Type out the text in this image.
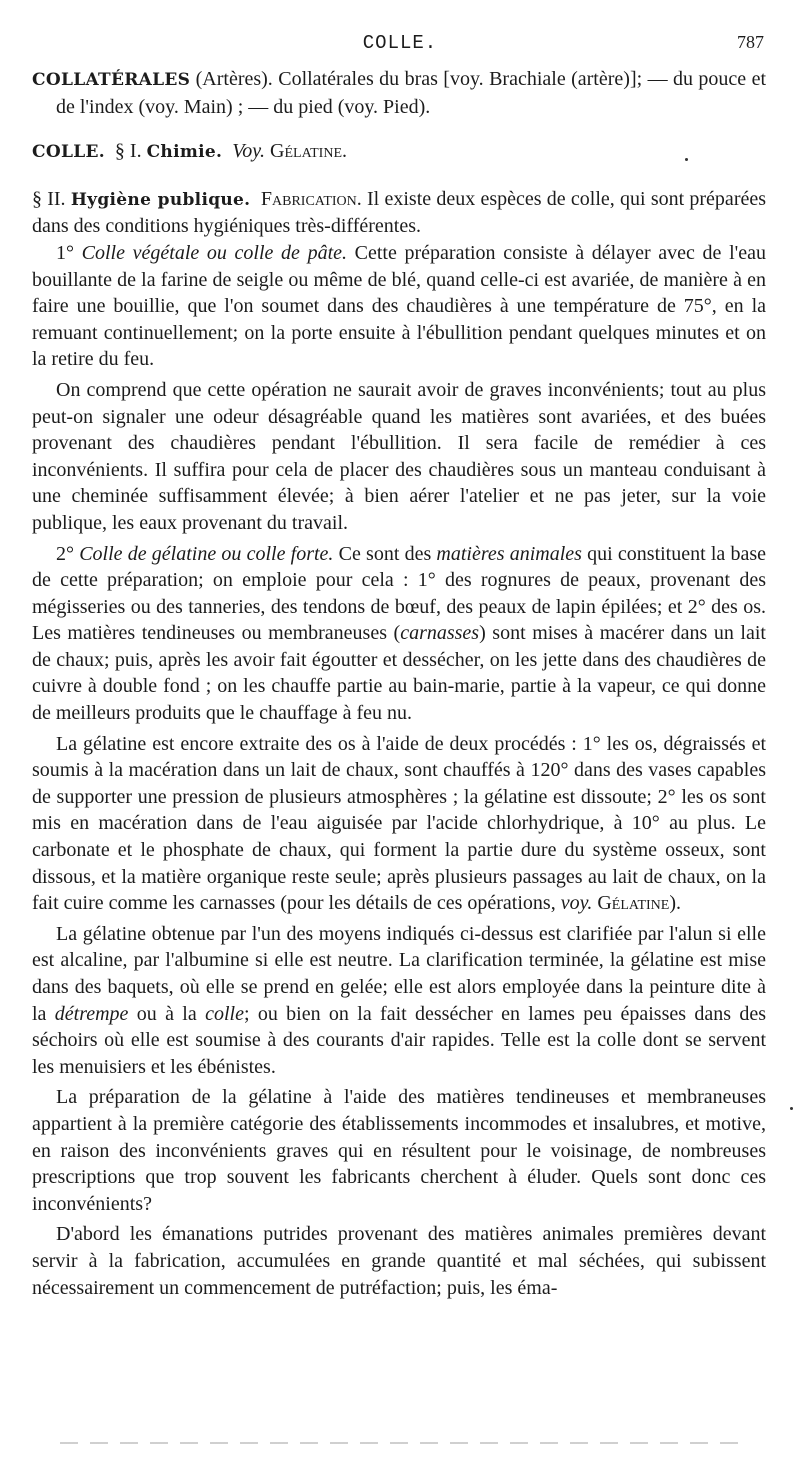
COLLE.	787

COLLATÉRALES (Artères). Collatérales du bras [voy. Brachiale (artère)]; — du pouce et de l'index (voy. Main) ; — du pied (voy. Pied).

COLLE. § I. Chimie. Voy. Gélatine.

§ II. Hygiène publique. Fabrication. Il existe deux espèces de colle, qui sont préparées dans des conditions hygiéniques très-différentes.

1° Colle végétale ou colle de pâte. Cette préparation consiste à délayer avec de l'eau bouillante de la farine de seigle ou même de blé, quand celle-ci est avariée, de manière à en faire une bouillie, que l'on soumet dans des chaudières à une température de 75°, en la remuant continuellement; on la porte ensuite à l'ébullition pendant quelques minutes et on la retire du feu.

On comprend que cette opération ne saurait avoir de graves inconvénients; tout au plus peut-on signaler une odeur désagréable quand les matières sont avariées, et des buées provenant des chaudières pendant l'ébullition. Il sera facile de remédier à ces inconvénients. Il suffira pour cela de placer des chaudières sous un manteau conduisant à une cheminée suffisamment élevée; à bien aérer l'atelier et ne pas jeter, sur la voie publique, les eaux provenant du travail.

2° Colle de gélatine ou colle forte. Ce sont des matières animales qui constituent la base de cette préparation; on emploie pour cela : 1° des rognures de peaux, provenant des mégisseries ou des tanneries, des tendons de bœuf, des peaux de lapin épilées; et 2° des os. Les matières tendineuses ou membraneuses (carnasses) sont mises à macérer dans un lait de chaux; puis, après les avoir fait égoutter et dessécher, on les jette dans des chaudières de cuivre à double fond ; on les chauffe partie au bain-marie, partie à la vapeur, ce qui donne de meilleurs produits que le chauffage à feu nu.

La gélatine est encore extraite des os à l'aide de deux procédés : 1° les os, dégraissés et soumis à la macération dans un lait de chaux, sont chauffés à 120° dans des vases capables de supporter une pression de plusieurs atmosphères ; la gélatine est dissoute; 2° les os sont mis en macération dans de l'eau aiguisée par l'acide chlorhydrique, à 10° au plus. Le carbonate et le phosphate de chaux, qui forment la partie dure du système osseux, sont dissous, et la matière organique reste seule; après plusieurs passages au lait de chaux, on la fait cuire comme les carnasses (pour les détails de ces opérations, voy. Gélatine).

La gélatine obtenue par l'un des moyens indiqués ci-dessus est clarifiée par l'alun si elle est alcaline, par l'albumine si elle est neutre. La clarification terminée, la gélatine est mise dans des baquets, où elle se prend en gelée; elle est alors employée dans la peinture dite à la détrempe ou à la colle; ou bien on la fait dessécher en lames peu épaisses dans des séchoirs où elle est soumise à des courants d'air rapides. Telle est la colle dont se servent les menuisiers et les ébénistes.

La préparation de la gélatine à l'aide des matières tendineuses et membraneuses appartient à la première catégorie des établissements incommodes et insalubres, et motive, en raison des inconvénients graves qui en résultent pour le voisinage, de nombreuses prescriptions que trop souvent les fabricants cherchent à éluder. Quels sont donc ces inconvénients?

D'abord les émanations putrides provenant des matières animales premières devant servir à la fabrication, accumulées en grande quantité et mal séchées, qui subissent nécessairement un commencement de putréfaction; puis, les éma-
